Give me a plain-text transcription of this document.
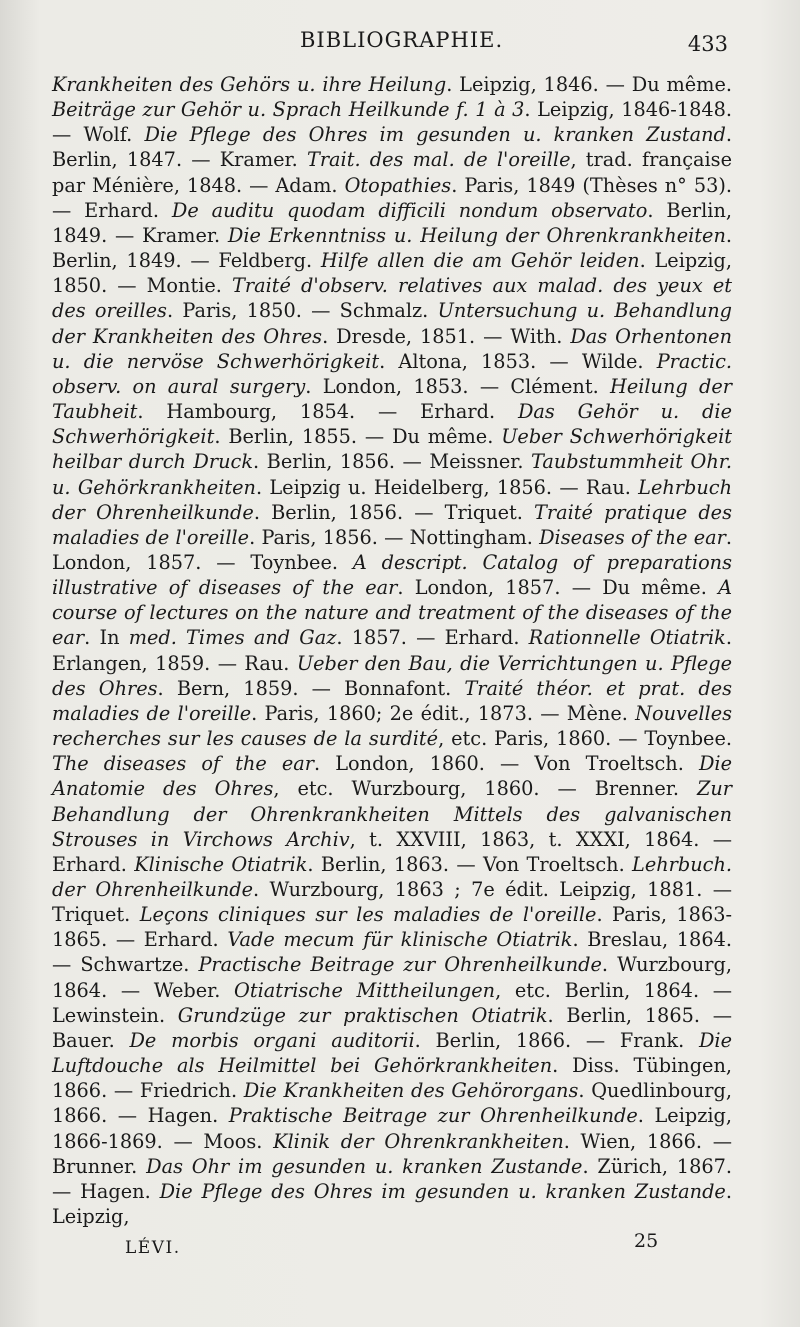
BIBLIOGRAPHIE.	433

Krankheiten des Gehörs u. ihre Heilung. Leipzig, 1846. — Du même. Beiträge zur Gehör u. Sprach Heilkunde f. 1 à 3. Leipzig, 1846-1848. — Wolf. Die Pflege des Ohres im gesunden u. kranken Zustand. Berlin, 1847. — Kramer. Trait. des mal. de l'oreille, trad. française par Ménière, 1848. — Adam. Otopathies. Paris, 1849 (Thèses n° 53). — Erhard. De auditu quodam difficili nondum observato. Berlin, 1849. — Kramer. Die Erkenntniss u. Heilung der Ohrenkrankheiten. Berlin, 1849. — Feldberg. Hilfe allen die am Gehör leiden. Leipzig, 1850. — Montie. Traité d'observ. relatives aux malad. des yeux et des oreilles. Paris, 1850. — Schmalz. Untersuchung u. Behandlung der Krankheiten des Ohres. Dresde, 1851. — With. Das Orhentonen u. die nervöse Schwerhörigkeit. Altona, 1853. — Wilde. Practic. observ. on aural surgery. London, 1853. — Clément. Heilung der Taubheit. Hambourg, 1854. — Erhard. Das Gehör u. die Schwerhörigkeit. Berlin, 1855. — Du même. Ueber Schwerhörigkeit heilbar durch Druck. Berlin, 1856. — Meissner. Taubstummheit Ohr. u. Gehörkrankheiten. Leipzig u. Heidelberg, 1856. — Rau. Lehrbuch der Ohrenheilkunde. Berlin, 1856. — Triquet. Traité pratique des maladies de l'oreille. Paris, 1856. — Nottingham. Diseases of the ear. London, 1857. — Toynbee. A descript. Catalog of preparations illustrative of diseases of the ear. London, 1857. — Du même. A course of lectures on the nature and treatment of the diseases of the ear. In med. Times and Gaz. 1857. — Erhard. Rationnelle Otiatrik. Erlangen, 1859. — Rau. Ueber den Bau, die Verrichtungen u. Pflege des Ohres. Bern, 1859. — Bonnafont. Traité théor. et prat. des maladies de l'oreille. Paris, 1860; 2e édit., 1873. — Mène. Nouvelles recherches sur les causes de la surdité, etc. Paris, 1860. — Toynbee. The diseases of the ear. London, 1860. — Von Troeltsch. Die Anatomie des Ohres, etc. Wurzbourg, 1860. — Brenner. Zur Behandlung der Ohrenkrankheiten Mittels des galvanischen Strouses in Virchows Archiv, t. XXVIII, 1863, t. XXXI, 1864. — Erhard. Klinische Otiatrik. Berlin, 1863. — Von Troeltsch. Lehrbuch. der Ohrenheilkunde. Wurzbourg, 1863 ; 7e édit. Leipzig, 1881. — Triquet. Leçons cliniques sur les maladies de l'oreille. Paris, 1863-1865. — Erhard. Vade mecum für klinische Otiatrik. Breslau, 1864. — Schwartze. Practische Beitrage zur Ohrenheilkunde. Wurzbourg, 1864. — Weber. Otiatrische Mittheilungen, etc. Berlin, 1864. — Lewinstein. Grundzüge zur praktischen Otiatrik. Berlin, 1865. — Bauer. De morbis organi auditorii. Berlin, 1866. — Frank. Die Luftdouche als Heilmittel bei Gehörkrankheiten. Diss. Tübingen, 1866. — Friedrich. Die Krankheiten des Gehörorgans. Quedlinbourg, 1866. — Hagen. Praktische Beitrage zur Ohrenheilkunde. Leipzig, 1866-1869. — Moos. Klinik der Ohrenkrankheiten. Wien, 1866. — Brunner. Das Ohr im gesunden u. kranken Zustande. Zürich, 1867. — Hagen. Die Pflege des Ohres im gesunden u. kranken Zustande. Leipzig,

LÉVI.	25
